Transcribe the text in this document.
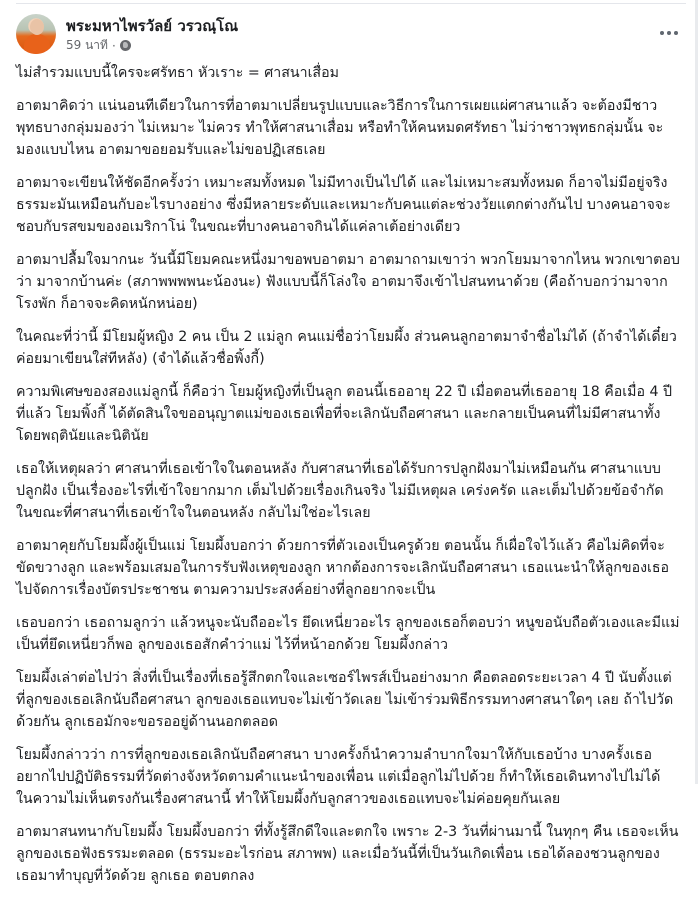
พระมหาไพรวัลย์ วรวณฺโณ
59 นาที ·

ไม่สำรวมแบบนี้ใครจะศรัทธา หัวเราะ = ศาสนาเสื่อม

อาตมาคิดว่า แน่นอนทีเดียวในการที่อาตมาเปลี่ยนรูปแบบและวิธีการในการเผยแผ่ศาสนาแล้ว จะต้องมีชาวพุทธบางกลุ่มมองว่า ไม่เหมาะ ไม่ควร ทำให้ศาสนาเสื่อม หรือทำให้คนหมดศรัทธา ไม่ว่าชาวพุทธกลุ่มนั้น จะมองแบบไหน อาตมาขอยอมรับและไม่ขอปฏิเสธเลย

อาตมาจะเขียนให้ชัดอีกครั้งว่า เหมาะสมทั้งหมด ไม่มีทางเป็นไปได้ และไม่เหมาะสมทั้งหมด ก็อาจไม่มีอยู่จริง ธรรมะมันเหมือนกับอะไรบางอย่าง ซึ่งมีหลายระดับและเหมาะกับคนแต่ละช่วงวัยแตกต่างกันไป บางคนอาจจะชอบกับรสขมของอเมริกาโน่ ในขณะที่บางคนอาจกินได้แค่ลาเต้อย่างเดียว

อาตมาปลื้มใจมากนะ วันนี้มีโยมคณะหนึ่งมาขอพบอาตมา อาตมาถามเขาว่า พวกโยมมาจากไหน พวกเขาตอบว่า มาจากบ้านค่ะ (สภาพพพพนะน้องนะ) ฟังแบบนี้ก็โล่งใจ อาตมาจึงเข้าไปสนทนาด้วย (คือถ้าบอกว่ามาจากโรงพัก ก็อาจจะคิดหนักหน่อย)

ในคณะที่ว่านี้ มีโยมผู้หญิง 2 คน เป็น 2 แม่ลูก คนแม่ชื่อว่าโยมผึ้ง ส่วนคนลูกอาตมาจำชื่อไม่ได้ (ถ้าจำได้เดี๋ยวค่อยมาเขียนใส่ทีหลัง) (จำได้แล้วชื่อพิ้งกี้)

ความพิเศษของสองแม่ลูกนี้ ก็คือว่า โยมผู้หญิงที่เป็นลูก ตอนนี้เธออายุ 22 ปี เมื่อตอนที่เธออายุ 18 คือเมื่อ 4 ปีที่แล้ว โยมพิ้งกี้ ได้ตัดสินใจขออนุญาตแม่ของเธอเพื่อที่จะเลิกนับถือศาสนา และกลายเป็นคนที่ไม่มีศาสนาทั้งโดยพฤตินัยและนิตินัย

เธอให้เหตุผลว่า ศาสนาที่เธอเข้าใจในตอนหลัง กับศาสนาที่เธอได้รับการปลูกฝังมาไม่เหมือนกัน ศาสนาแบบปลูกฝัง เป็นเรื่องอะไรที่เข้าใจยากมาก เต็มไปด้วยเรื่องเกินจริง ไม่มีเหตุผล เคร่งครัด และเต็มไปด้วยข้อจำกัด ในขณะที่ศาสนาที่เธอเข้าใจในตอนหลัง กลับไม่ใช่อะไรเลย

อาตมาคุยกับโยมผึ้งผู้เป็นแม่ โยมผึ้งบอกว่า ด้วยการที่ตัวเองเป็นครูด้วย ตอนนั้น ก็เผื่อใจไว้แล้ว คือไม่คิดที่จะขัดขวางลูก และพร้อมเสมอในการรับฟังเหตุของลูก หากต้องการจะเลิกนับถือศาสนา เธอแนะนำให้ลูกของเธอไปจัดการเรื่องบัตรประชาชน ตามความประสงค์อย่างที่ลูกอยากจะเป็น

เธอบอกว่า เธอถามลูกว่า แล้วหนูจะนับถืออะไร ยึดเหนี่ยวอะไร ลูกของเธอก็ตอบว่า หนูขอนับถือตัวเองและมีแม่เป็นที่ยึดเหนี่ยวก็พอ ลูกของเธอสักคำว่าแม่ ไว้ที่หน้าอกด้วย โยมผึ้งกล่าว

โยมผึ้งเล่าต่อไปว่า สิ่งที่เป็นเรื่องที่เธอรู้สึกตกใจและเซอร์ไพรส์เป็นอย่างมาก คือตลอดระยะเวลา 4 ปี นับตั้งแต่ที่ลูกของเธอเลิกนับถือศาสนา ลูกของเธอแทบจะไม่เข้าวัดเลย ไม่เข้าร่วมพิธีกรรมทางศาสนาใดๆ เลย ถ้าไปวัดด้วยกัน ลูกเธอมักจะขอรออยู่ด้านนอกตลอด

โยมผึ้งกล่าวว่า การที่ลูกของเธอเลิกนับถือศาสนา บางครั้งก็นำความลำบากใจมาให้กับเธอบ้าง บางครั้งเธออยากไปปฏิบัติธรรมที่วัดต่างจังหวัดตามคำแนะนำของเพื่อน แต่เมื่อลูกไม่ไปด้วย ก็ทำให้เธอเดินทางไปไม่ได้ ในความไม่เห็นตรงกันเรื่องศาสนานี้ ทำให้โยมผึ้งกับลูกสาวของเธอแทบจะไม่ค่อยคุยกันเลย

อาตมาสนทนากับโยมผึ้ง โยมผึ้งบอกว่า ที่ทั้งรู้สึกดีใจและตกใจ เพราะ 2-3 วันที่ผ่านมานี้ ในทุกๆ คืน เธอจะเห็นลูกของเธอฟังธรรมะตลอด (ธรรมะอะไรก่อน สภาพพ) และเมื่อวันนี้ที่เป็นวันเกิดเพื่อน เธอได้ลองชวนลูกของเธอมาทำบุญที่วัดด้วย ลูกเธอ ตอบตกลง
